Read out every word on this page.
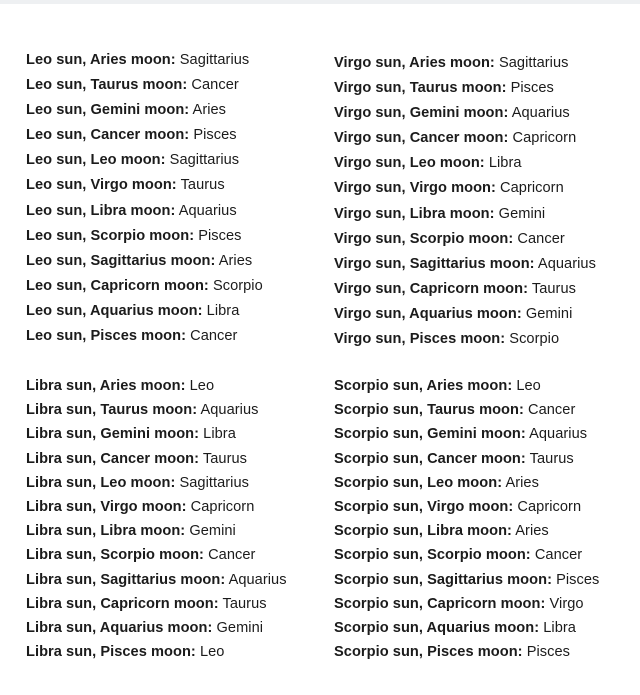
Leo sun, Aries moon: Sagittarius
Leo sun, Taurus moon: Cancer
Leo sun, Gemini moon: Aries
Leo sun, Cancer moon: Pisces
Leo sun, Leo moon: Sagittarius
Leo sun, Virgo moon: Taurus
Leo sun, Libra moon: Aquarius
Leo sun, Scorpio moon: Pisces
Leo sun, Sagittarius moon: Aries
Leo sun, Capricorn moon: Scorpio
Leo sun, Aquarius moon: Libra
Leo sun, Pisces moon: Cancer
Virgo sun, Aries moon: Sagittarius
Virgo sun, Taurus moon: Pisces
Virgo sun, Gemini moon: Aquarius
Virgo sun, Cancer moon: Capricorn
Virgo sun, Leo moon: Libra
Virgo sun, Virgo moon: Capricorn
Virgo sun, Libra moon: Gemini
Virgo sun, Scorpio moon: Cancer
Virgo sun, Sagittarius moon: Aquarius
Virgo sun, Capricorn moon: Taurus
Virgo sun, Aquarius moon: Gemini
Virgo sun, Pisces moon: Scorpio
Libra sun, Aries moon: Leo
Libra sun, Taurus moon: Aquarius
Libra sun, Gemini moon: Libra
Libra sun, Cancer moon: Taurus
Libra sun, Leo moon: Sagittarius
Libra sun, Virgo moon: Capricorn
Libra sun, Libra moon: Gemini
Libra sun, Scorpio moon: Cancer
Libra sun, Sagittarius moon: Aquarius
Libra sun, Capricorn moon: Taurus
Libra sun, Aquarius moon: Gemini
Libra sun, Pisces moon: Leo
Scorpio sun, Aries moon: Leo
Scorpio sun, Taurus moon: Cancer
Scorpio sun, Gemini moon: Aquarius
Scorpio sun, Cancer moon: Taurus
Scorpio sun, Leo moon: Aries
Scorpio sun, Virgo moon: Capricorn
Scorpio sun, Libra moon: Aries
Scorpio sun, Scorpio moon: Cancer
Scorpio sun, Sagittarius moon: Pisces
Scorpio sun, Capricorn moon: Virgo
Scorpio sun, Aquarius moon: Libra
Scorpio sun, Pisces moon: Pisces
